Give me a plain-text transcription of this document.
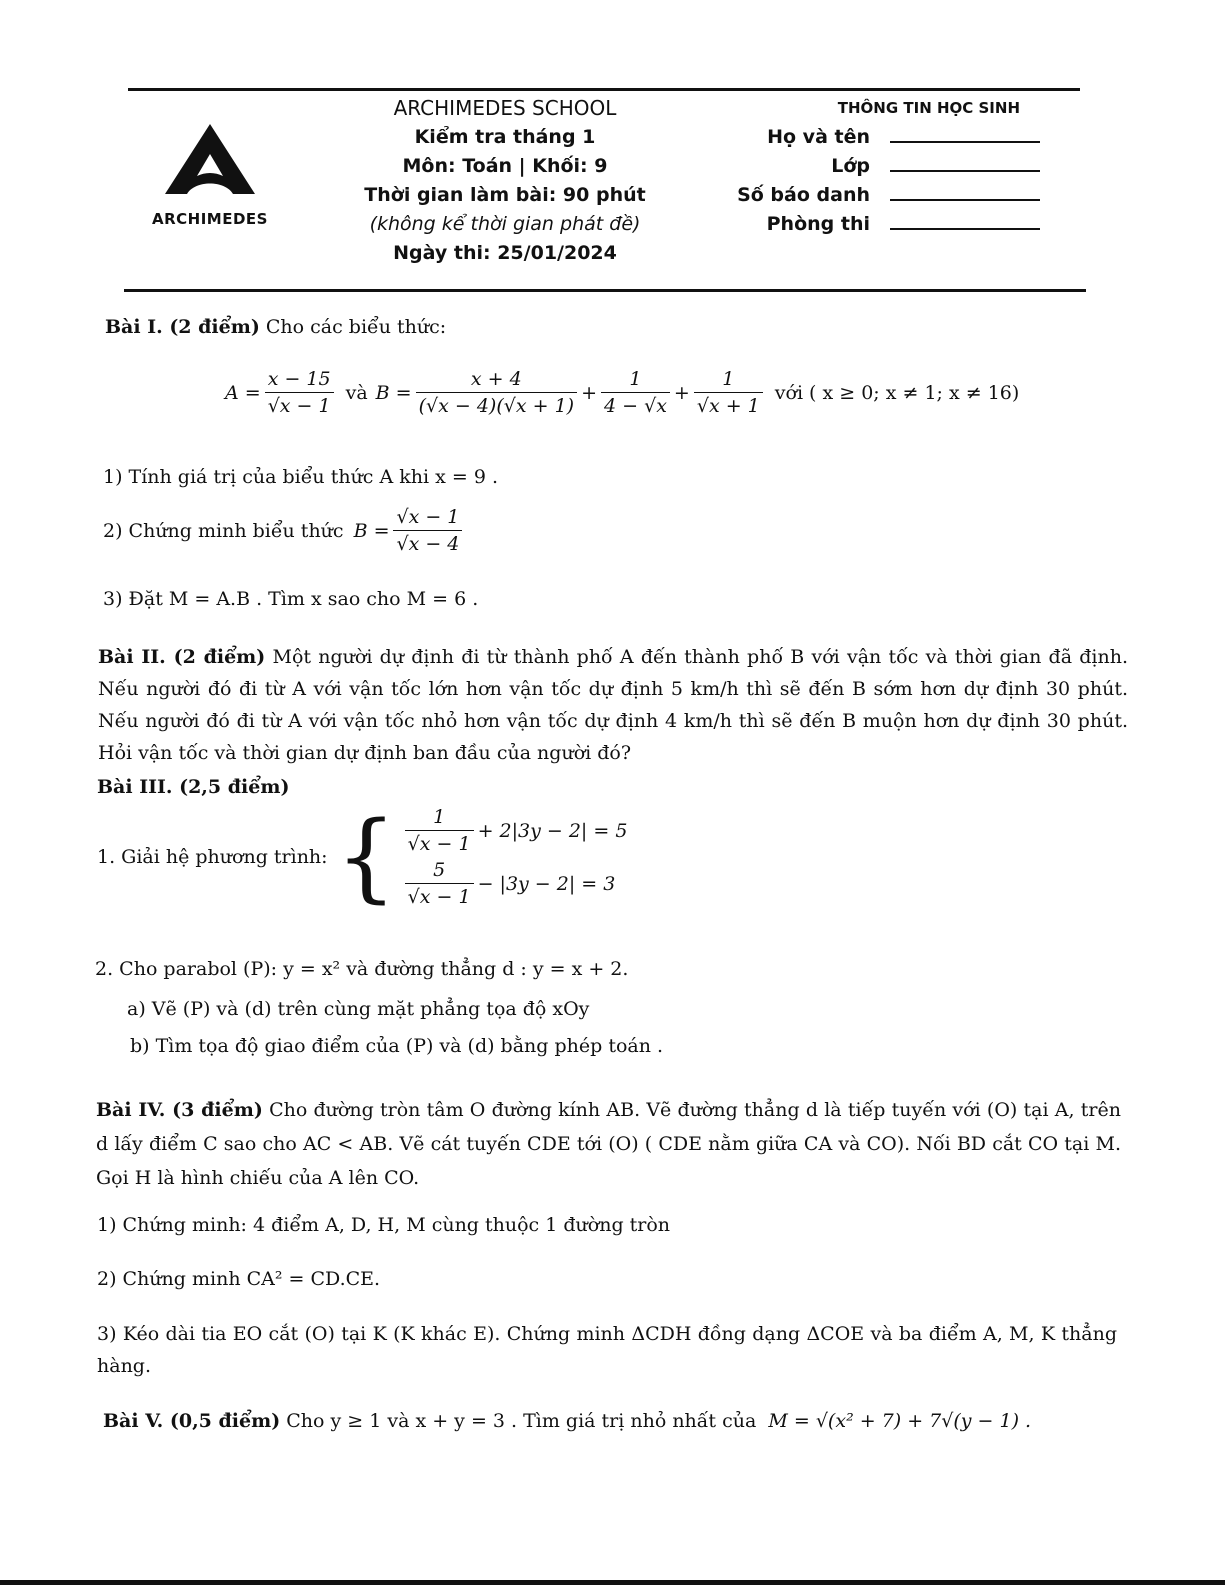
ARCHIMEDES
ARCHIMEDES SCHOOL
Kiểm tra tháng 1
Môn: Toán | Khối: 9
Thời gian làm bài: 90 phút
(không kể thời gian phát đề)
Ngày thi: 25/01/2024
THÔNG TIN HỌC SINH
Họ và tên
Lớp
Số báo danh
Phòng thi
Bài I. (2 điểm) Cho các biểu thức:
$A = \frac{x - 15}{√x - 1}$ và $B = \frac{x + 4}{(√x - 4)(√x + 1)} + \frac{1}{4 - √x} + \frac{1}{√x + 1}$ với ( x ≥ 0; x ≠ 1; x ≠ 16)
1) Tính giá trị của biểu thức A khi x = 9 .
2) Chứng minh biểu thức $B = \frac{√x - 1}{√x - 4}$
3) Đặt M = A.B . Tìm x sao cho M = 6 .
Bài II. (2 điểm) Một người dự định đi từ thành phố A đến thành phố B với vận tốc và thời gian đã định. Nếu người đó đi từ A với vận tốc lớn hơn vận tốc dự định 5 km/h thì sẽ đến B sớm hơn dự định 30 phút. Nếu người đó đi từ A với vận tốc nhỏ hơn vận tốc dự định 4 km/h thì sẽ đến B muộn hơn dự định 30 phút. Hỏi vận tốc và thời gian dự định ban đầu của người đó?
Bài III. (2,5 điểm)
1. Giải hệ phương trình: { $\frac{1}{√x - 1} + 2|3y - 2| = 5$
$\frac{5}{√x - 1} - |3y - 2| = 3$
2. Cho parabol (P): y = x² và đường thẳng d : y = x + 2.
a) Vẽ (P) và (d) trên cùng mặt phẳng tọa độ xOy
b) Tìm tọa độ giao điểm của (P) và (d) bằng phép toán .
Bài IV. (3 điểm) Cho đường tròn tâm O đường kính AB. Vẽ đường thẳng d là tiếp tuyến với (O) tại A, trên d lấy điểm C sao cho AC < AB. Vẽ cát tuyến CDE tới (O) ( CDE nằm giữa CA và CO). Nối BD cắt CO tại M. Gọi H là hình chiếu của A lên CO.
1) Chứng minh: 4 điểm A, D, H, M cùng thuộc 1 đường tròn
2) Chứng minh CA² = CD.CE.
3) Kéo dài tia EO cắt (O) tại K (K khác E). Chứng minh ΔCDH đồng dạng ΔCOE và ba điểm A, M, K thẳng hàng.
Bài V. (0,5 điểm) Cho y ≥ 1 và x + y = 3 . Tìm giá trị nhỏ nhất của M = √(x² + 7) + 7√(y − 1) .
